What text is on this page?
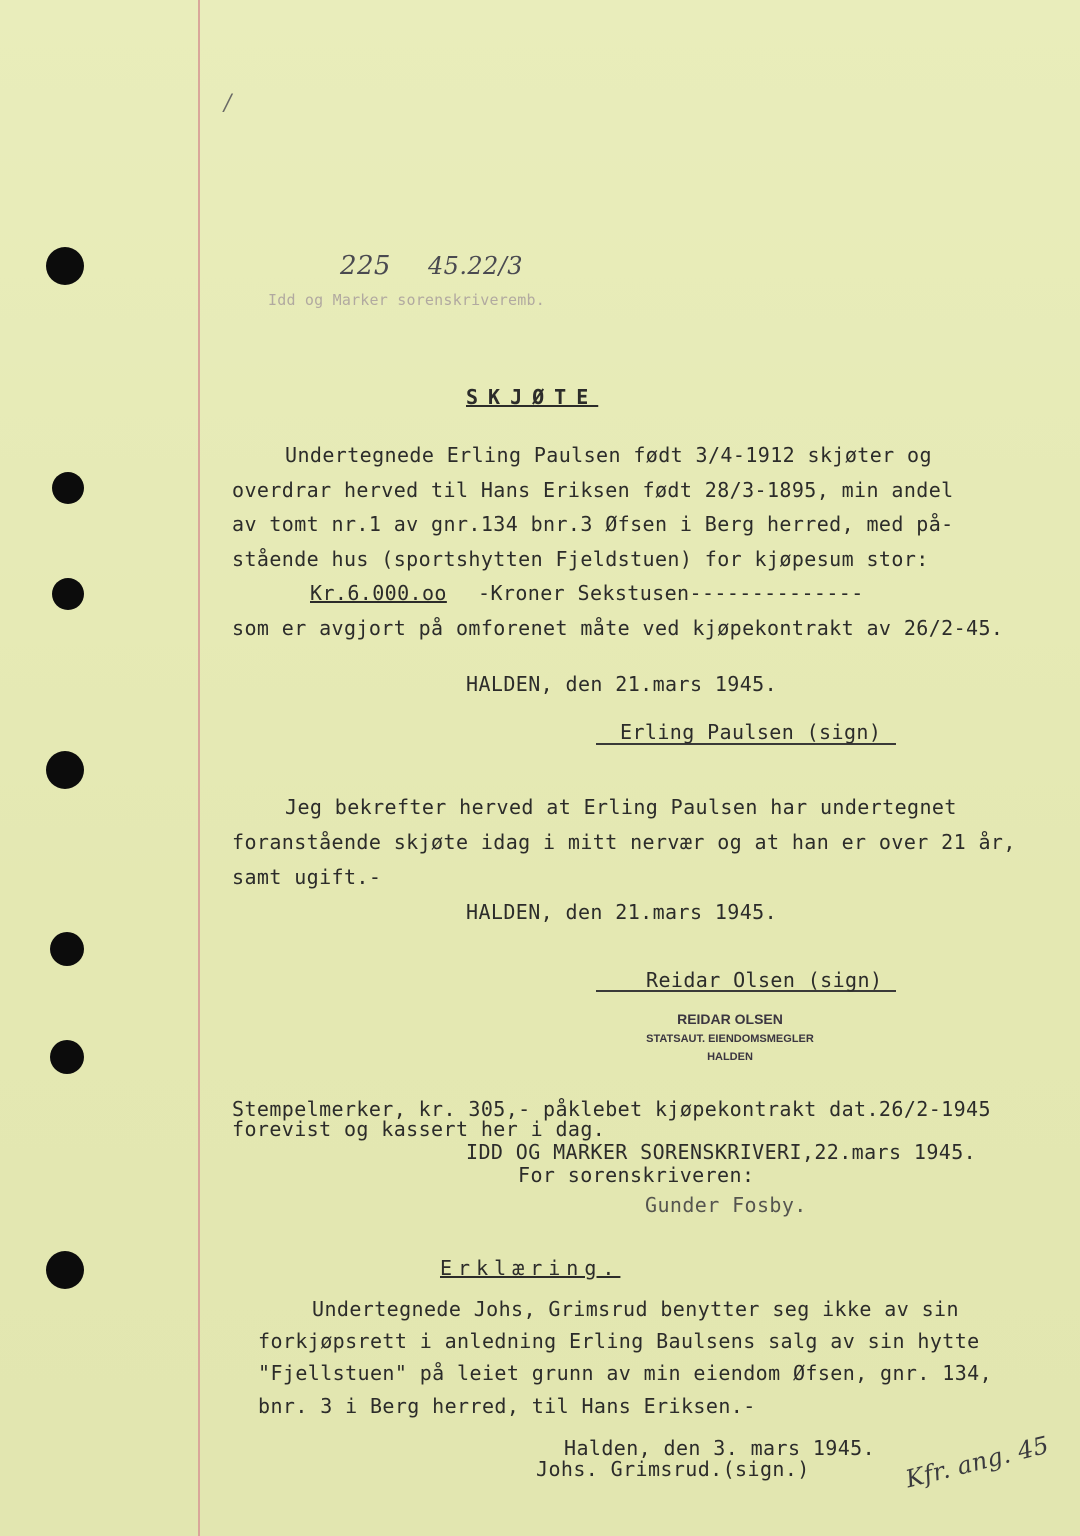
/
225 45.22/3
Idd og Marker sorenskriveremb.
SKJØTE
Undertegnede Erling Paulsen født 3/4-1912 skjøter og
overdrar herved til Hans Eriksen født 28/3-1895, min andel
av tomt nr.1 av gnr.134 bnr.3 Øfsen i Berg herred, med på-
stående hus (sportshytten Fjeldstuen) for kjøpesum stor:
Kr.6.000.oo -Kroner Sekstusen--------------
som er avgjort på omforenet måte ved kjøpekontrakt av 26/2-45.
HALDEN, den 21.mars 1945.
Erling Paulsen (sign)
Jeg bekrefter herved at Erling Paulsen har undertegnet
foranstående skjøte idag i mitt nervær og at han er over 21 år,
samt ugift.-
HALDEN, den 21.mars 1945.
Reidar Olsen (sign)
REIDAR OLSEN
STATSAUT. EIENDOMSMEGLER
HALDEN
Stempelmerker, kr. 305,- påklebet kjøpekontrakt dat.26/2-1945
forevist og kassert her i dag.
IDD OG MARKER SORENSKRIVERI,22.mars 1945.
For sorenskriveren:
Gunder Fosby.
Erklæring.
Undertegnede Johs, Grimsrud benytter seg ikke av sin
forkjøpsrett i anledning Erling Baulsens salg av sin hytte
"Fjellstuen" på leiet grunn av min eiendom Øfsen, gnr. 134,
bnr. 3 i Berg herred, til Hans Eriksen.-
Halden, den 3. mars 1945.
Johs. Grimsrud.(sign.)	Kfr. ang. 45
